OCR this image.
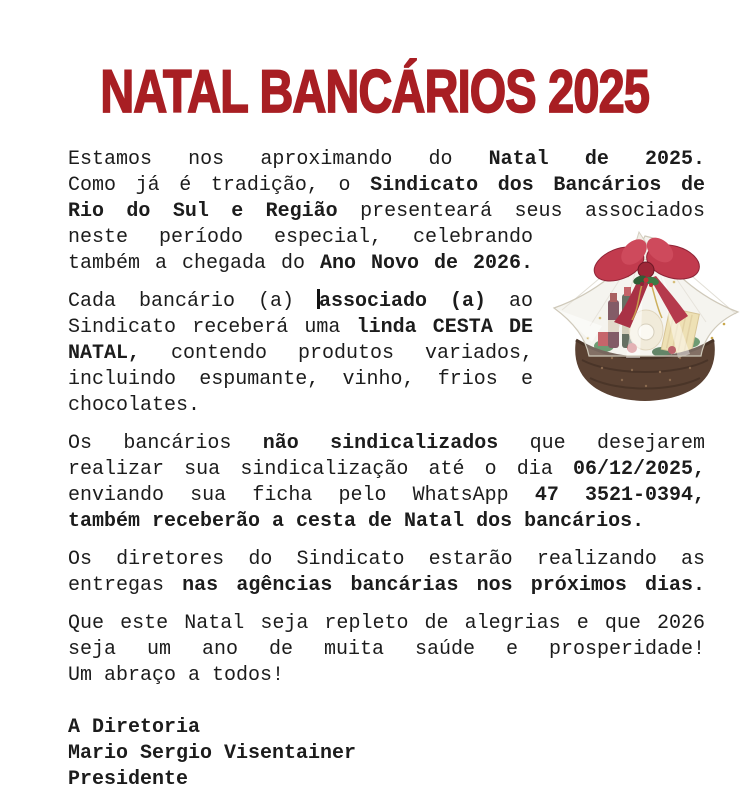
NATAL BANCÁRIOS 2025
Estamos nos aproximando do Natal de 2025.
Como já é tradição, o Sindicato dos Bancários de
Rio do Sul e Região presenteará seus associados
neste período especial, celebrando
também a chegada do Ano Novo de 2026.
Cada bancário (a) associado (a) ao
Sindicato receberá uma linda CESTA DE
NATAL, contendo produtos variados,
incluindo espumante, vinho, frios e
chocolates.
Os bancários não sindicalizados que desejarem
realizar sua sindicalização até o dia 06/12/2025,
enviando sua ficha pelo WhatsApp 47 3521-0394,
também receberão a cesta de Natal dos bancários.
Os diretores do Sindicato estarão realizando as
entregas nas agências bancárias nos próximos dias.
Que este Natal seja repleto de alegrias e que 2026
seja um ano de muita saúde e prosperidade!
Um abraço a todos!
A Diretoria
Mario Sergio Visentainer
Presidente
